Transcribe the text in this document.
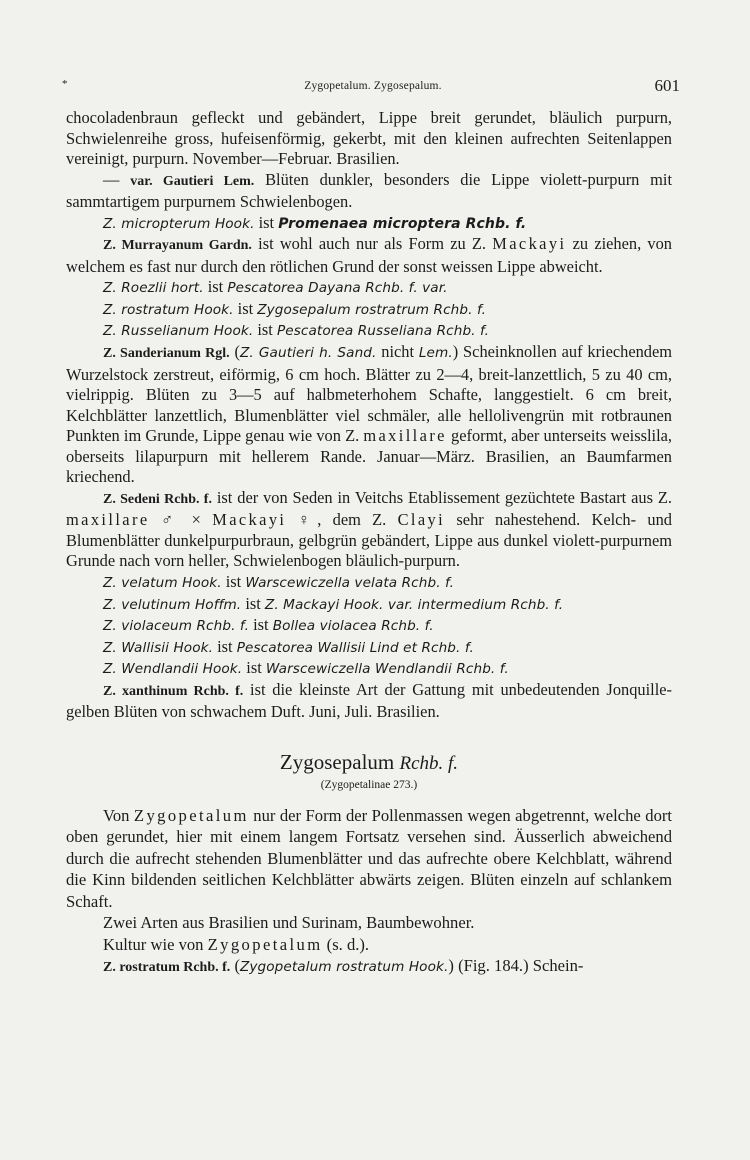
*	Zygopetalum. Zygosepalum.	601

chocoladenbraun gefleckt und gebändert, Lippe breit gerundet, bläulich purpurn, Schwielenreihe gross, hufeisenförmig, gekerbt, mit den kleinen aufrechten Seitenlappen vereinigt, purpurn. November—Februar. Brasilien.

— var. Gautieri Lem. Blüten dunkler, besonders die Lippe violett-purpurn mit sammtartigem purpurnem Schwielenbogen.

Z. micropterum Hook. ist Promenaea microptera Rchb. f.

Z. Murrayanum Gardn. ist wohl auch nur als Form zu Z. Mackayi zu ziehen, von welchem es fast nur durch den rötlichen Grund der sonst weissen Lippe abweicht.

Z. Roezlii hort. ist Pescatorea Dayana Rchb. f. var.

Z. rostratum Hook. ist Zygosepalum rostratrum Rchb. f.

Z. Russelianum Hook. ist Pescatorea Russeliana Rchb. f.

Z. Sanderianum Rgl. (Z. Gautieri h. Sand. nicht Lem.) Scheinknollen auf kriechendem Wurzelstock zerstreut, eiförmig, 6 cm hoch. Blätter zu 2—4, breit-lanzettlich, 5 zu 40 cm, vielrippig. Blüten zu 3—5 auf halbmeterhohem Schafte, langgestielt. 6 cm breit, Kelchblätter lanzettlich, Blumenblätter viel schmäler, alle hellolivengrün mit rotbraunen Punkten im Grunde, Lippe genau wie von Z. maxillare geformt, aber unterseits weisslila, oberseits lilapurpurn mit hellerem Rande. Januar—März. Brasilien, an Baumfarmen kriechend.

Z. Sedeni Rchb. f. ist der von Seden in Veitchs Etablissement gezüchtete Bastart aus Z. maxillare ♂ × Mackayi ♀, dem Z. Clayi sehr nahestehend. Kelch- und Blumenblätter dunkelpurpurbraun, gelbgrün gebändert, Lippe aus dunkel violett-purpurnem Grunde nach vorn heller, Schwielenbogen bläulich-purpurn.

Z. velatum Hook. ist Warscewiczella velata Rchb. f.

Z. velutinum Hoffm. ist Z. Mackayi Hook. var. intermedium Rchb. f.

Z. violaceum Rchb. f. ist Bollea violacea Rchb. f.

Z. Wallisii Hook. ist Pescatorea Wallisii Lind et Rchb. f.

Z. Wendlandii Hook. ist Warscewiczella Wendlandii Rchb. f.

Z. xanthinum Rchb. f. ist die kleinste Art der Gattung mit unbedeutenden Jonquille-gelben Blüten von schwachem Duft. Juni, Juli. Brasilien.

Zygosepalum Rchb. f.
(Zygopetalinae 273.)

Von Zygopetalum nur der Form der Pollenmassen wegen abgetrennt, welche dort oben gerundet, hier mit einem langem Fortsatz versehen sind. Äusserlich abweichend durch die aufrecht stehenden Blumenblätter und das aufrechte obere Kelchblatt, während die Kinn bildenden seitlichen Kelchblätter abwärts zeigen. Blüten einzeln auf schlankem Schaft.

Zwei Arten aus Brasilien und Surinam, Baumbewohner.

Kultur wie von Zygopetalum (s. d.).

Z. rostratum Rchb. f. (Zygopetalum rostratum Hook.) (Fig. 184.) Schein-
